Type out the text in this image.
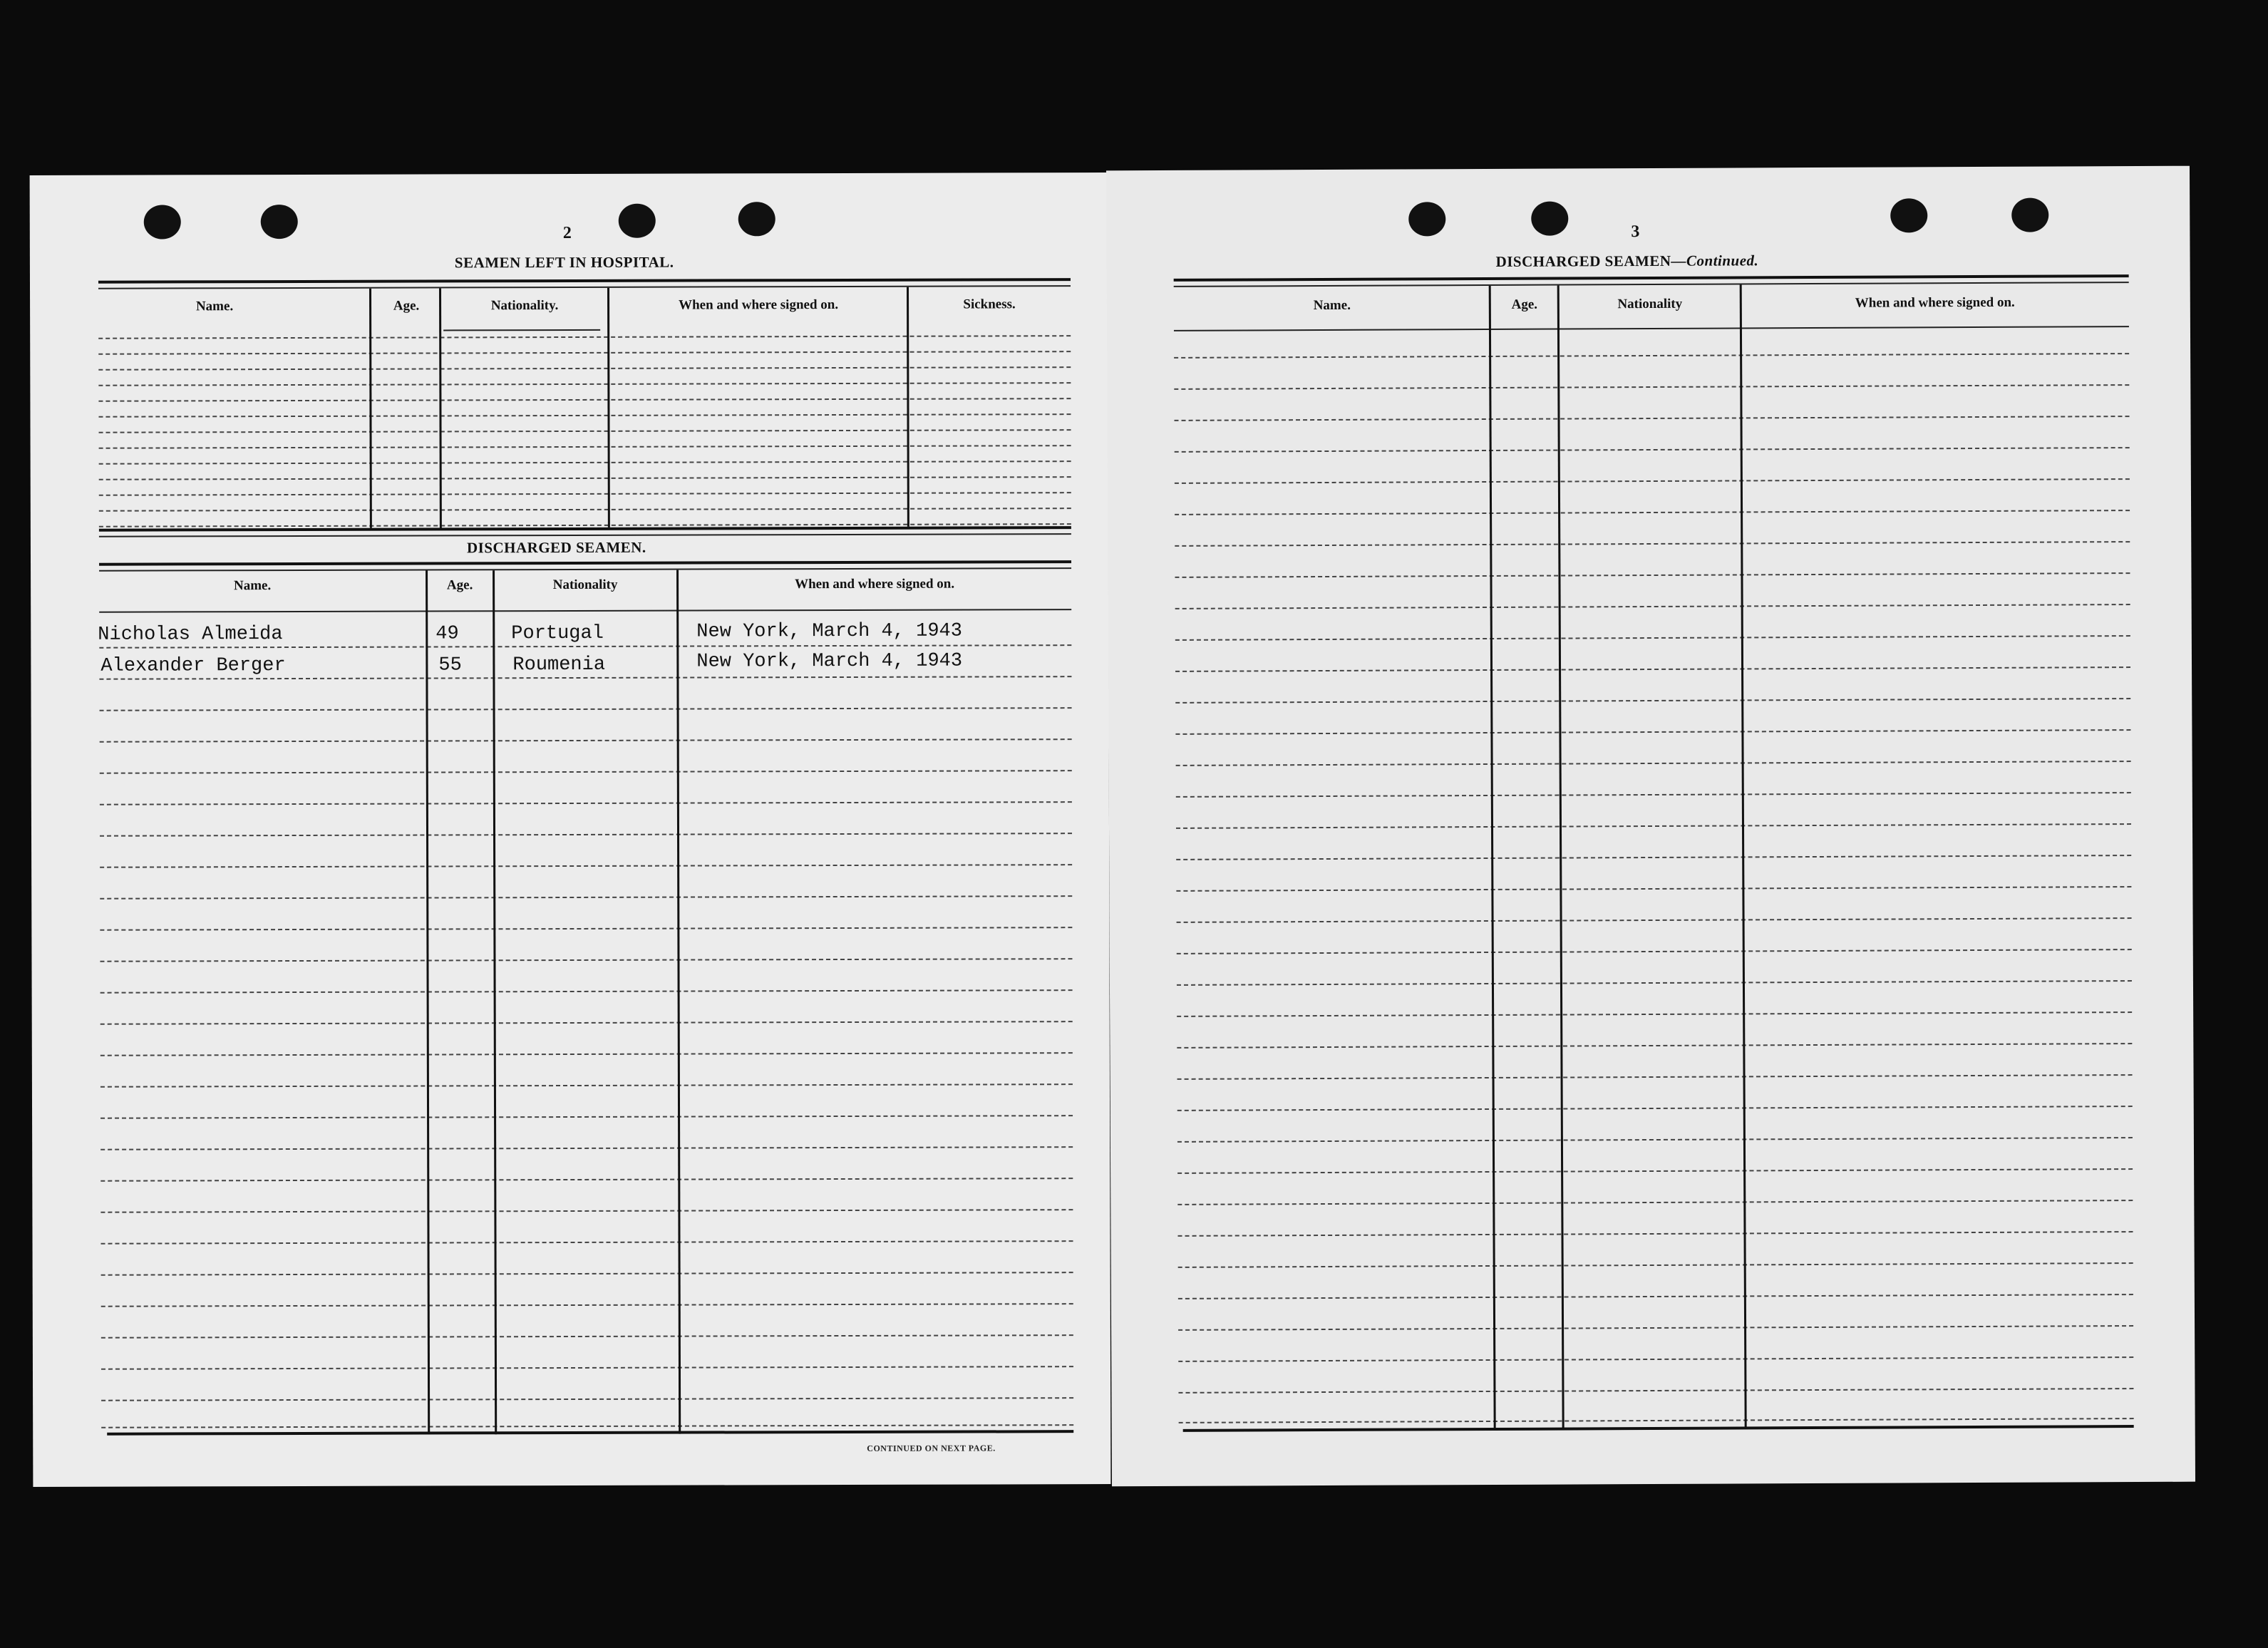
2
SEAMEN LEFT IN HOSPITAL.
Name.	Age.	Nationality.	When and where signed on.	Sickness.
DISCHARGED SEAMEN.
Name.	Age.	Nationality	When and where signed on.
Nicholas Almeida	49	Portugal	New York, March 4, 1943
Alexander Berger	55	Roumenia	New York, March 4, 1943
CONTINUED ON NEXT PAGE.
3
DISCHARGED SEAMEN—Continued.
Name.	Age.	Nationality	When and where signed on.
